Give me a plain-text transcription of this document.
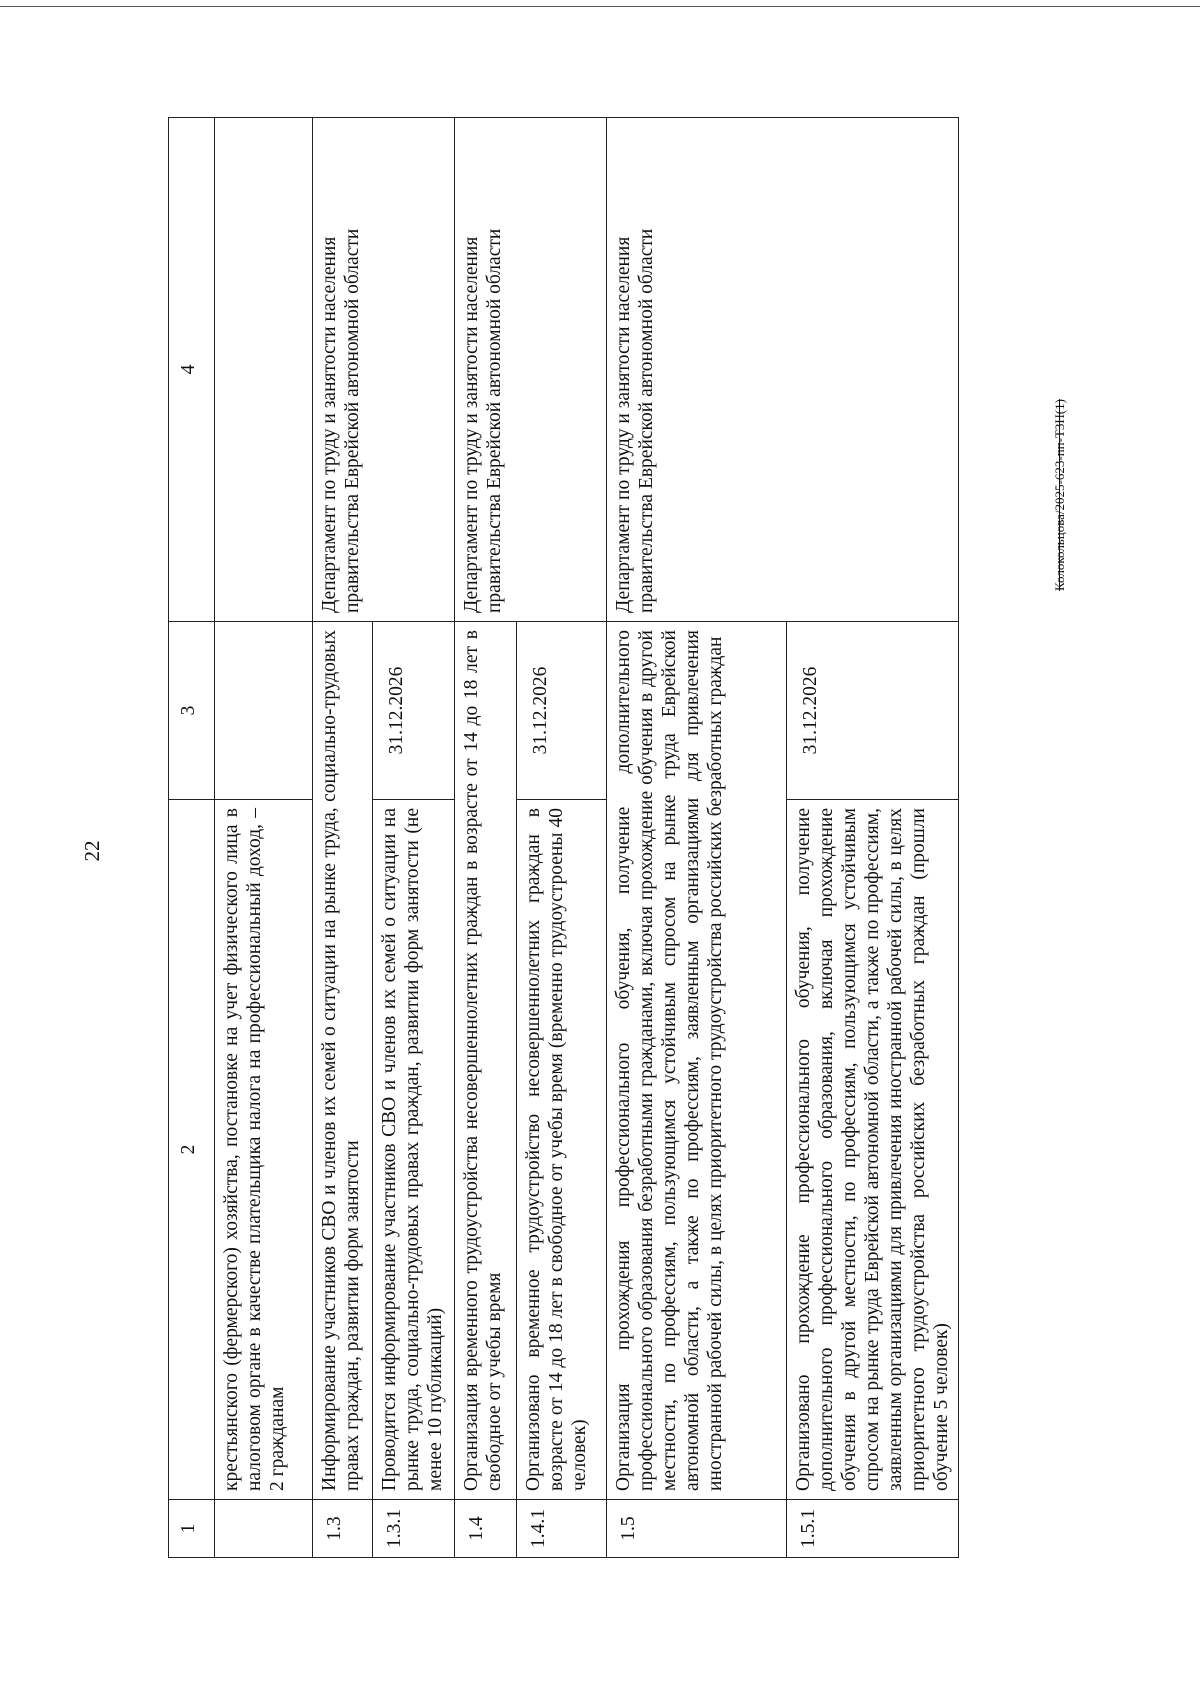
22
Колокольцова/2025-623-пп-Т3Н(1)
1	2	3	4
	крестьянского (фермерского) хозяйства, постановке на учет физического лица в налоговом органе в качестве плательщика налога на профессиональный доход, – 2 гражданам		
1.3	Информирование участников СВО и членов их семей о ситуации на рынке труда, социально-трудовых правах граждан, развитии форм занятости		Департамент по труду и занятости населения правительства Еврейской автономной области
1.3.1	Проводится информирование участников СВО и членов их семей о ситуации на рынке труда, социально-трудовых правах граждан, развитии форм занятости (не менее 10 публикаций)	31.12.2026	
1.4	Организация временного трудоустройства несовершеннолетних граждан в возрасте от 14 до 18 лет в свободное от учебы время		Департамент по труду и занятости населения правительства Еврейской автономной области
1.4.1	Организовано временное трудоустройство несовершеннолетних граждан в возрасте от 14 до 18 лет в свободное от учебы время (временно трудоустроены 40 человек)	31.12.2026	
1.5	Организация прохождения профессионального обучения, получение дополнительного профессионального образования безработными гражданами, включая прохождение обучения в другой местности, по профессиям, пользующимся устойчивым спросом на рынке труда Еврейской автономной области, а также по профессиям, заявленным организациями для привлечения иностранной рабочей силы, в целях приоритетного трудоустройства российских безработных граждан		Департамент по труду и занятости населения правительства Еврейской автономной области
1.5.1	Организовано прохождение профессионального обучения, получение дополнительного профессионального образования, включая прохождение обучения в другой местности, по профессиям, пользующимся устойчивым спросом на рынке труда Еврейской автономной области, а также по профессиям, заявленным организациями для привлечения иностранной рабочей силы, в целях приоритетного трудоустройства российских безработных граждан (прошли обучение 5 человек)	31.12.2026	
